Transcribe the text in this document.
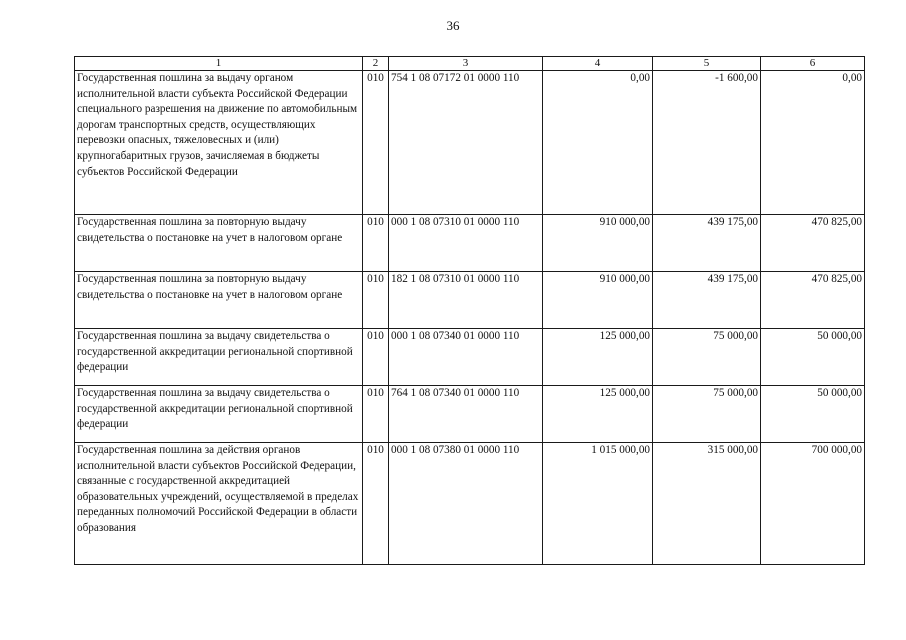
36
1	2	3	4	5	6
Государственная пошлина за выдачу органом исполнительной власти субъекта Российской Федерации специального разрешения на движение по автомобильным дорогам транспортных средств, осуществляющих перевозки опасных, тяжеловесных и (или) крупногабаритных грузов, зачисляемая в бюджеты субъектов Российской Федерации	010	754 1 08 07172 01 0000 110	0,00	-1 600,00	0,00
Государственная пошлина за повторную выдачу свидетельства о постановке на учет в налоговом органе	010	000 1 08 07310 01 0000 110	910 000,00	439 175,00	470 825,00
Государственная пошлина за повторную выдачу свидетельства о постановке на учет в налоговом органе	010	182 1 08 07310 01 0000 110	910 000,00	439 175,00	470 825,00
Государственная пошлина за выдачу свидетельства о государственной аккредитации региональной спортивной федерации	010	000 1 08 07340 01 0000 110	125 000,00	75 000,00	50 000,00
Государственная пошлина за выдачу свидетельства о государственной аккредитации региональной спортивной федерации	010	764 1 08 07340 01 0000 110	125 000,00	75 000,00	50 000,00
Государственная пошлина за действия органов исполнительной власти субъектов Российской Федерации, связанные с государственной аккредитацией образовательных учреждений, осуществляемой в пределах переданных полномочий Российской Федерации в области образования	010	000 1 08 07380 01 0000 110	1 015 000,00	315 000,00	700 000,00
